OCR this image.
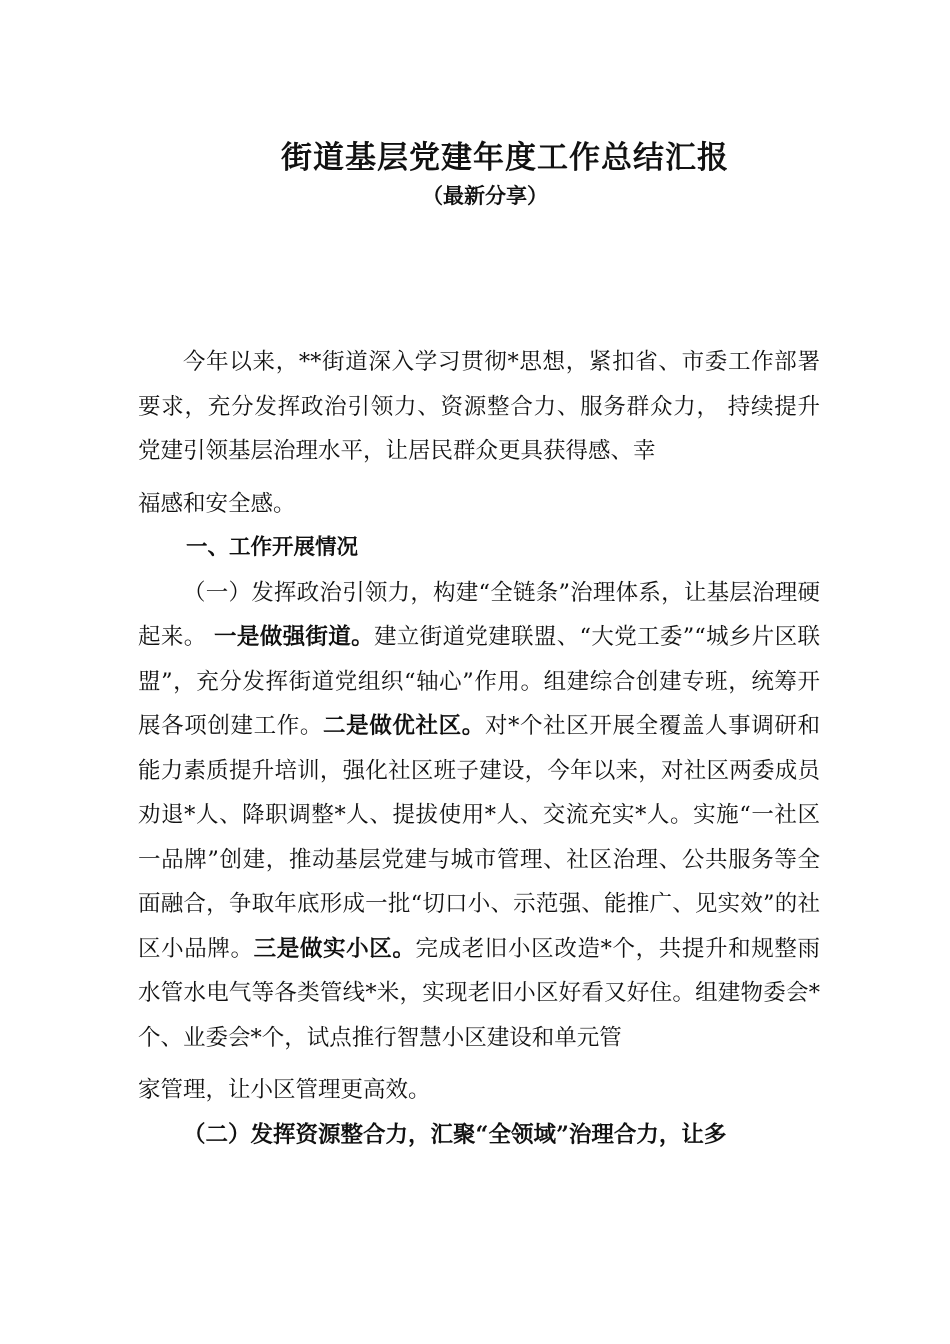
街道基层党建年度工作总结汇报
（最新分享）

今年以来，**街道深入学习贯彻*思想，紧扣省、市委工作部署要求，充分发挥政治引领力、资源整合力、服务群众力， 持续提升党建引领基层治理水平，让居民群众更具获得感、幸

福感和安全感。

一、工作开展情况

（一）发挥政治引领力，构建“全链条”治理体系，让基层治理硬起来。 一是做强街道。建立街道党建联盟、“大党工委”“城乡片区联盟”，充分发挥街道党组织“轴心”作用。组建综合创建专班，统筹开展各项创建工作。二是做优社区。对*个社区开展全覆盖人事调研和能力素质提升培训，强化社区班子建设，今年以来，对社区两委成员劝退*人、降职调整*人、提拔使用*人、交流充实*人。实施“一社区一品牌”创建，推动基层党建与城市管理、社区治理、公共服务等全面融合，争取年底形成一批“切口小、示范强、能推广、见实效”的社区小品牌。三是做实小区。完成老旧小区改造*个，共提升和规整雨水管水电气等各类管线*米，实现老旧小区好看又好住。组建物委会*个、业委会*个，试点推行智慧小区建设和单元管

家管理，让小区管理更高效。

（二）发挥资源整合力，汇聚“全领域”治理合力，让多
